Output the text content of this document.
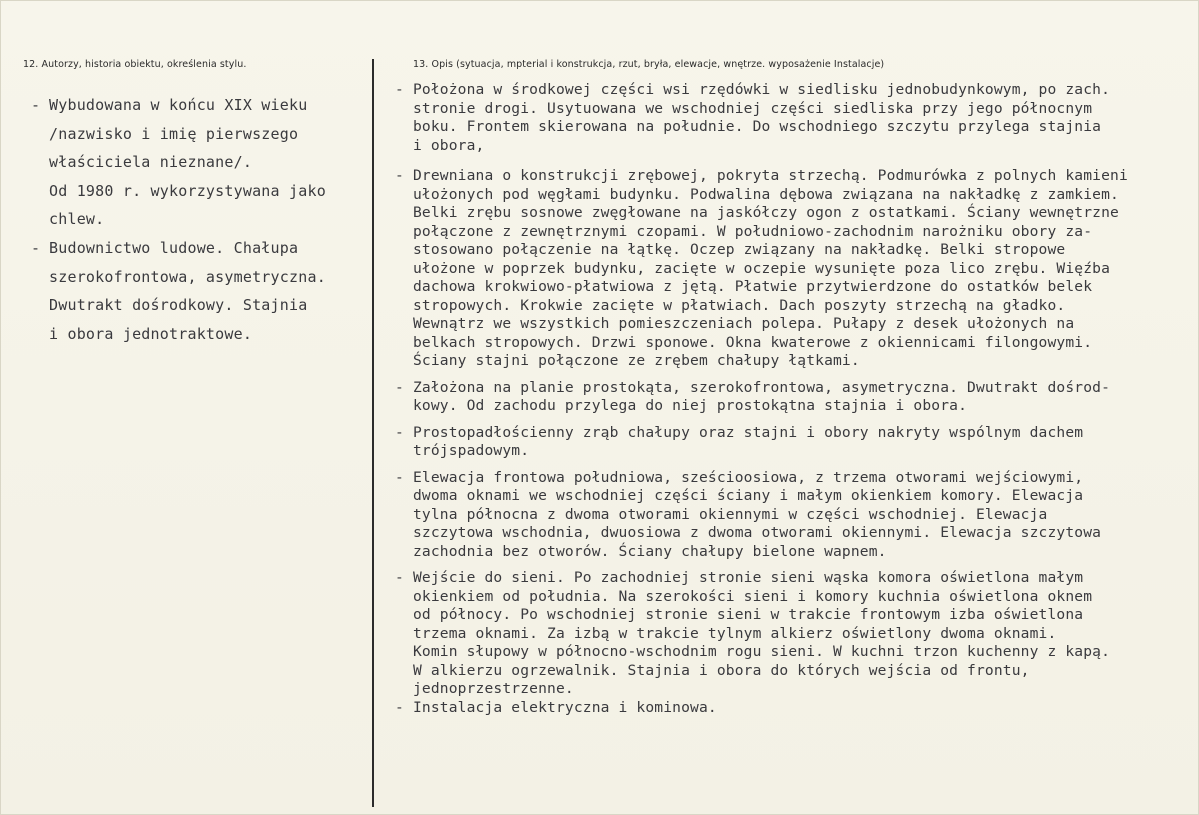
12. Autorzy, historia obiektu, określenia stylu.	13. Opis (sytuacja, mpterial i konstrukcja, rzut, bryła, elewacje, wnętrze. wyposażenie Instalacje)
- Wybudowana w końcu XIX wieku
/nazwisko i imię pierwszego
właściciela nieznane/.
Od 1980 r. wykorzystywana jako
chlew.
- Budownictwo ludowe. Chałupa
szerokofrontowa, asymetryczna.
Dwutrakt dośrodkowy. Stajnia
i obora jednotraktowe.
- Położona w środkowej części wsi rzędówki w siedlisku jednobudynkowym, po zach.
stronie drogi. Usytuowana we wschodniej części siedliska przy jego północnym
boku. Frontem skierowana na południe. Do wschodniego szczytu przylega stajnia
i obora,
- Drewniana o konstrukcji zrębowej, pokryta strzechą. Podmurówka z polnych kamieni
ułożonych pod węgłami budynku. Podwalina dębowa związana na nakładkę z zamkiem.
Belki zrębu sosnowe zwęgłowane na jaskółczy ogon z ostatkami. Ściany wewnętrzne
połączone z zewnętrznymi czopami. W południowo-zachodnim narożniku obory za-
stosowano połączenie na łątkę. Oczep związany na nakładkę. Belki stropowe
ułożone w poprzek budynku, zacięte w oczepie wysunięte poza lico zrębu. Więźba
dachowa krokwiowo-płatwiowa z jętą. Płatwie przytwierdzone do ostatków belek
stropowych. Krokwie zacięte w płatwiach. Dach poszyty strzechą na gładko.
Wewnątrz we wszystkich pomieszczeniach polepa. Pułapy z desek ułożonych na
belkach stropowych. Drzwi sponowe. Okna kwaterowe z okiennicami filongowymi.
Ściany stajni połączone ze zrębem chałupy łątkami.
- Założona na planie prostokąta, szerokofrontowa, asymetryczna. Dwutrakt dośrod-
kowy. Od zachodu przylega do niej prostokątna stajnia i obora.
- Prostopadłościenny zrąb chałupy oraz stajni i obory nakryty wspólnym dachem
trójspadowym.
- Elewacja frontowa południowa, sześcioosiowa, z trzema otworami wejściowymi,
dwoma oknami we wschodniej części ściany i małym okienkiem komory. Elewacja
tylna północna z dwoma otworami okiennymi w części wschodniej. Elewacja
szczytowa wschodnia, dwuosiowa z dwoma otworami okiennymi. Elewacja szczytowa
zachodnia bez otworów. Ściany chałupy bielone wapnem.
- Wejście do sieni. Po zachodniej stronie sieni wąska komora oświetlona małym
okienkiem od południa. Na szerokości sieni i komory kuchnia oświetlona oknem
od północy. Po wschodniej stronie sieni w trakcie frontowym izba oświetlona
trzema oknami. Za izbą w trakcie tylnym alkierz oświetlony dwoma oknami.
Komin słupowy w północno-wschodnim rogu sieni. W kuchni trzon kuchenny z kapą.
W alkierzu ogrzewalnik. Stajnia i obora do których wejścia od frontu,
jednoprzestrzenne.
- Instalacja elektryczna i kominowa.
